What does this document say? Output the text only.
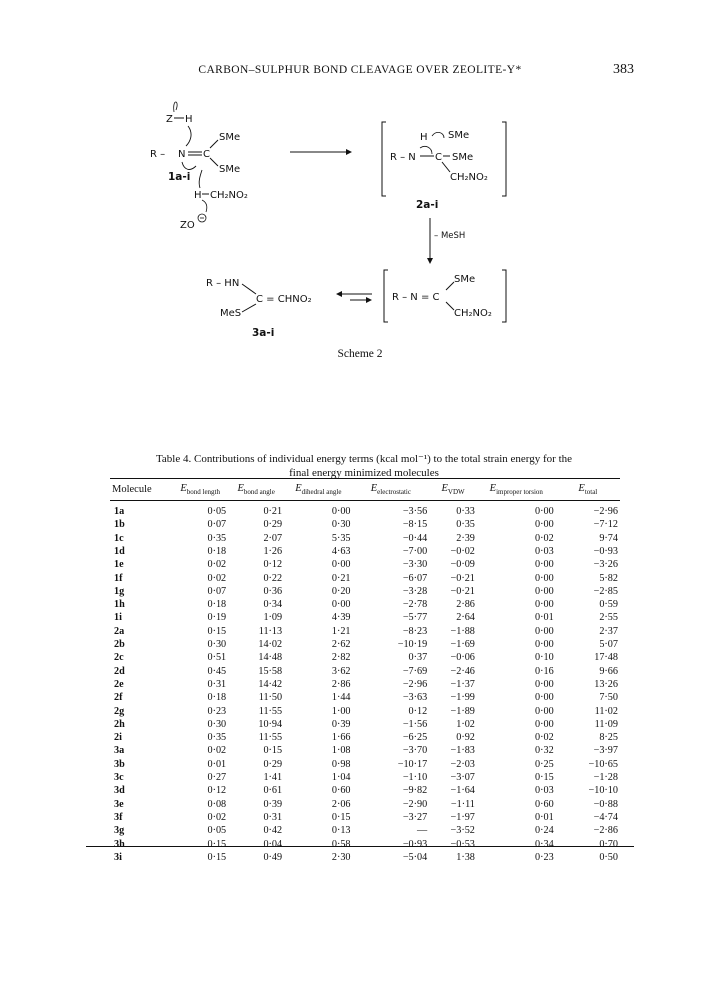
CARBON–SULPHUR BOND CLEAVAGE OVER ZEOLITE-Y*	383
Z H
R – N C
SMe
SMe
1a-i
H CH₂NO₂
ZO
H SMe
R – N C SMe
CH₂NO₂
2a-i
– MeSH
R – HN
C = CHNO₂
MeS
3a-i
R – N = C
SMe
CH₂NO₂
Scheme 2
Table 4. Contributions of individual energy terms (kcal mol⁻¹) to the total strain energy for the
final energy minimized molecules
Molecule	$E_{bond length}$	$E_{bond angle}$	$E_{dihedral angle}$	$E_{electrostatic}$	$E_{VDW}$	$E_{improper torsion}$	$E_{total}$
1a	0·05	0·21	0·00	−3·56	0·33	0·00	−2·96
1b	0·07	0·29	0·30	−8·15	0·35	0·00	−7·12
1c	0·35	2·07	5·35	−0·44	2·39	0·02	9·74
1d	0·18	1·26	4·63	−7·00	−0·02	0·03	−0·93
1e	0·02	0·12	0·00	−3·30	−0·09	0·00	−3·26
1f	0·02	0·22	0·21	−6·07	−0·21	0·00	5·82
1g	0·07	0·36	0·20	−3·28	−0·21	0·00	−2·85
1h	0·18	0·34	0·00	−2·78	2·86	0·00	0·59
1i	0·19	1·09	4·39	−5·77	2·64	0·01	2·55
2a	0·15	11·13	1·21	−8·23	−1·88	0·00	2·37
2b	0·30	14·02	2·62	−10·19	−1·69	0·00	5·07
2c	0·51	14·48	2·82	0·37	−0·06	0·10	17·48
2d	0·45	15·58	3·62	−7·69	−2·46	0·16	9·66
2e	0·31	14·42	2·86	−2·96	−1·37	0·00	13·26
2f	0·18	11·50	1·44	−3·63	−1·99	0·00	7·50
2g	0·23	11·55	1·00	0·12	−1·89	0·00	11·02
2h	0·30	10·94	0·39	−1·56	1·02	0·00	11·09
2i	0·35	11·55	1·66	−6·25	0·92	0·02	8·25
3a	0·02	0·15	1·08	−3·70	−1·83	0·32	−3·97
3b	0·01	0·29	0·98	−10·17	−2·03	0·25	−10·65
3c	0·27	1·41	1·04	−1·10	−3·07	0·15	−1·28
3d	0·12	0·61	0·60	−9·82	−1·64	0·03	−10·10
3e	0·08	0·39	2·06	−2·90	−1·11	0·60	−0·88
3f	0·02	0·31	0·15	−3·27	−1·97	0·01	−4·74
3g	0·05	0·42	0·13	—	−3·52	0·24	−2·86
3h	0·15	0·04	0·58	−0·93	−0·53	0·34	0·70
3i	0·15	0·49	2·30	−5·04	1·38	0·23	0·50
